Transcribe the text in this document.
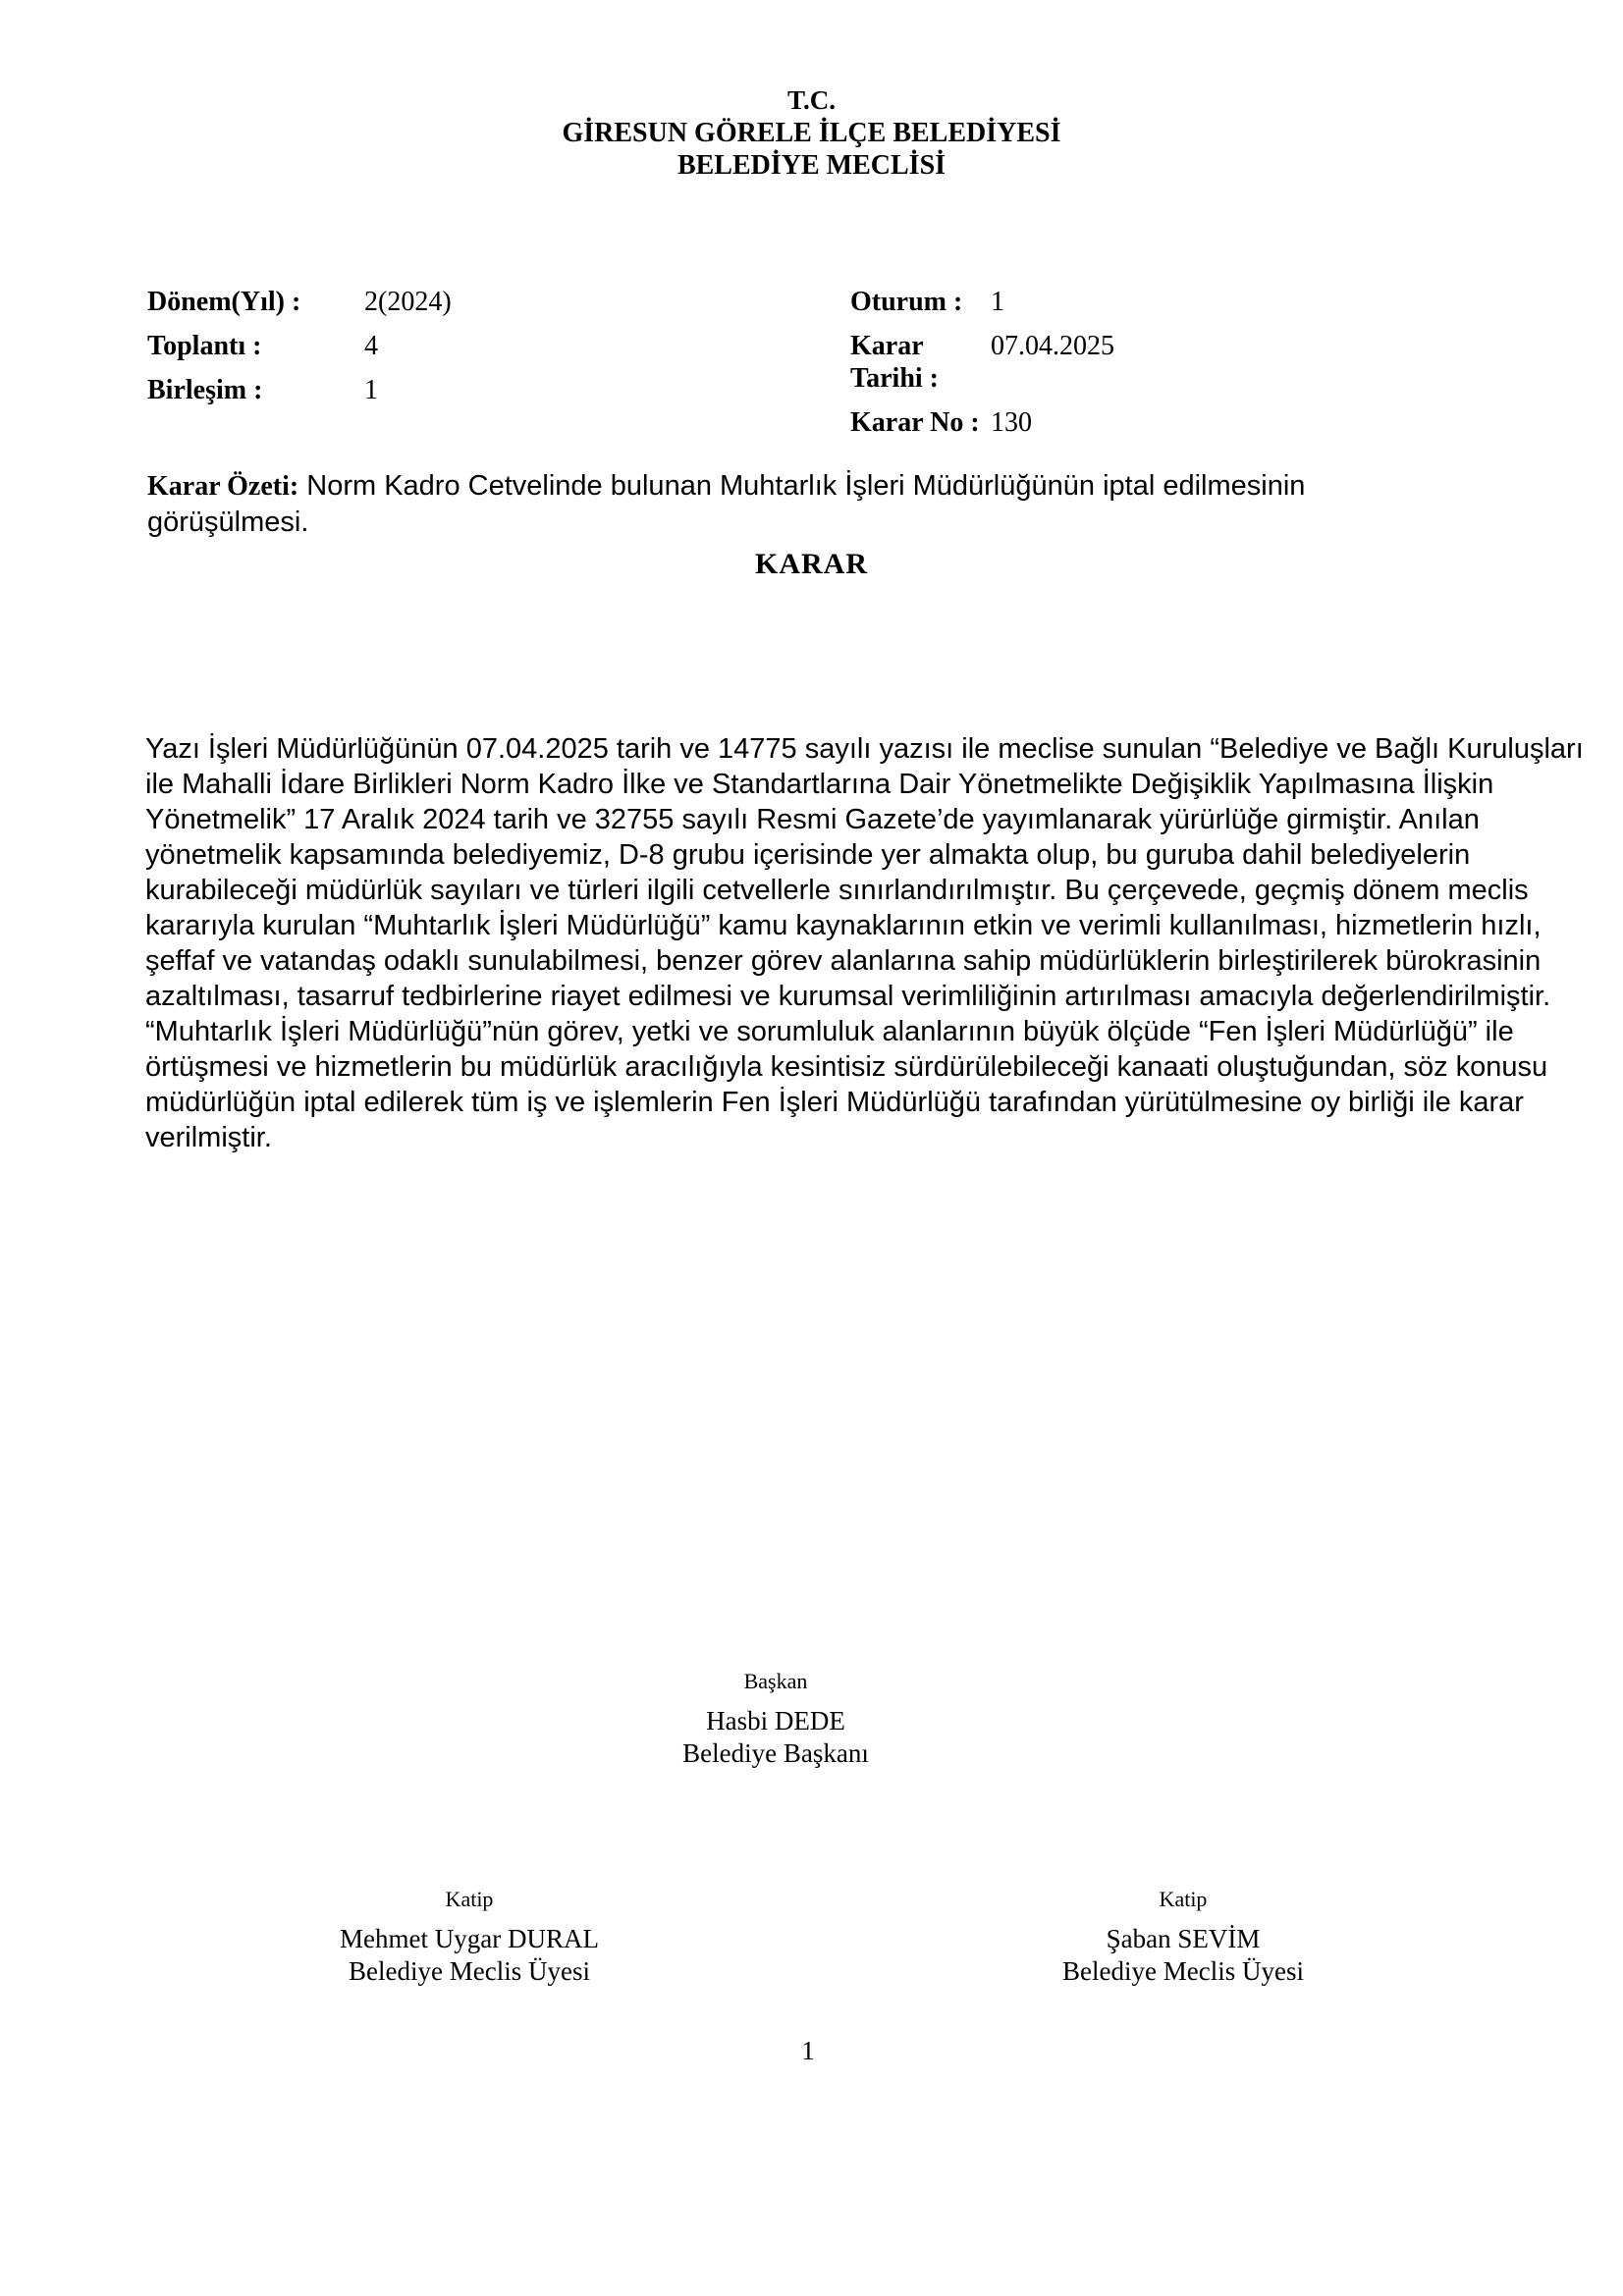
T.C.
GİRESUN GÖRELE İLÇE BELEDİYESİ
BELEDİYE MECLİSİ
Dönem(Yıl) :	2(2024)
Toplantı :	4
Birleşim :	1
Oturum :	1
Karar Tarihi :
07.04.2025
Karar No : 130

Karar Özeti: Norm Kadro Cetvelinde bulunan Muhtarlık İşleri Müdürlüğünün iptal edilmesinin görüşülmesi.

KARAR

Yazı İşleri Müdürlüğünün 07.04.2025 tarih ve 14775 sayılı yazısı ile meclise sunulan “Belediye ve Bağlı Kuruluşları ile Mahalli İdare Birlikleri Norm Kadro İlke ve Standartlarına Dair Yönetmelikte Değişiklik Yapılmasına İlişkin Yönetmelik” 17 Aralık 2024 tarih ve 32755 sayılı Resmi Gazete’de yayımlanarak yürürlüğe girmiştir. Anılan yönetmelik kapsamında belediyemiz, D-8 grubu içerisinde yer almakta olup, bu guruba dahil belediyelerin kurabileceği müdürlük sayıları ve türleri ilgili cetvellerle sınırlandırılmıştır. Bu çerçevede, geçmiş dönem meclis kararıyla kurulan “Muhtarlık İşleri Müdürlüğü” kamu kaynaklarının etkin ve verimli kullanılması, hizmetlerin hızlı, şeffaf ve vatandaş odaklı sunulabilmesi, benzer görev alanlarına sahip müdürlüklerin birleştirilerek bürokrasinin azaltılması, tasarruf tedbirlerine riayet edilmesi ve kurumsal verimliliğinin artırılması amacıyla değerlendirilmiştir. “Muhtarlık İşleri Müdürlüğü”nün görev, yetki ve sorumluluk alanlarının büyük ölçüde “Fen İşleri Müdürlüğü” ile örtüşmesi ve hizmetlerin bu müdürlük aracılığıyla kesintisiz sürdürülebileceği kanaati oluştuğundan, söz konusu müdürlüğün iptal edilerek tüm iş ve işlemlerin Fen İşleri Müdürlüğü tarafından yürütülmesine oy birliği ile karar verilmiştir.

Başkan
Hasbi DEDE
Belediye Başkanı
Katip
Mehmet Uygar DURAL
Belediye Meclis Üyesi
Katip
Şaban SEVİM
Belediye Meclis Üyesi
1
